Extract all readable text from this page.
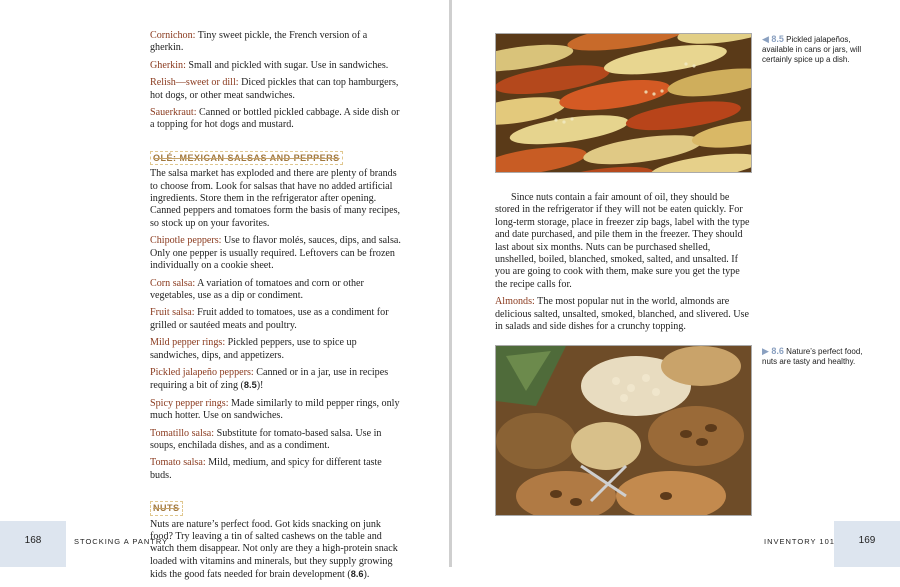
Cornichon: Tiny sweet pickle, the French version of a gherkin.
Gherkin: Small and pickled with sugar. Use in sandwiches.
Relish—sweet or dill: Diced pickles that can top hamburgers, hot dogs, or other meat sandwiches.
Sauerkraut: Canned or bottled pickled cabbage. A side dish or a topping for hot dogs and mustard.
OLÉ: MEXICAN SALSAS AND PEPPERS

The salsa market has exploded and there are plenty of brands to choose from. Look for salsas that have no added artificial ingredients. Store them in the refrigerator after opening. Canned peppers and tomatoes form the basis of many recipes, so stock up on your favorites.

Chipotle peppers: Use to flavor molés, sauces, dips, and salsa. Only one pepper is usually required. Leftovers can be frozen individually on a cookie sheet.
Corn salsa: A variation of tomatoes and corn or other vegetables, use as a dip or condiment.
Fruit salsa: Fruit added to tomatoes, use as a condiment for grilled or sautéed meats and poultry.
Mild pepper rings: Pickled peppers, use to spice up sandwiches, dips, and appetizers.
Pickled jalapeño peppers: Canned or in a jar, use in recipes requiring a bit of zing (8.5)!
Spicy pepper rings: Made similarly to mild pepper rings, only much hotter. Use on sandwiches.
Tomatillo salsa: Substitute for tomato-based salsa. Use in soups, enchilada dishes, and as a condiment.
Tomato salsa: Mild, medium, and spicy for different taste buds.
NUTS

Nuts are nature’s perfect food. Got kids snacking on junk food? Try leaving a tin of salted cashews on the table and watch them disappear. Not only are they a high-protein snack loaded with vitamins and minerals, but they supply growing kids the good fats needed for brain development (8.6).

◀ 8.5 Pickled jalapeños, available in cans or jars, will certainly spice up a dish.

Since nuts contain a fair amount of oil, they should be stored in the refrigerator if they will not be eaten quickly. For long-term storage, place in freezer zip bags, label with the type and date purchased, and pile them in the freezer. They should last about six months. Nuts can be purchased shelled, unshelled, boiled, blanched, smoked, salted, and unsalted. If you are going to cook with them, make sure you get the type the recipe calls for.

Almonds: The most popular nut in the world, almonds are delicious salted, unsalted, smoked, blanched, and slivered. Use in salads and side dishes for a crunchy topping.
▶ 8.6 Nature’s perfect food, nuts are tasty and healthy.
168	STOCKING A PANTRY	169
INVENTORY 101
